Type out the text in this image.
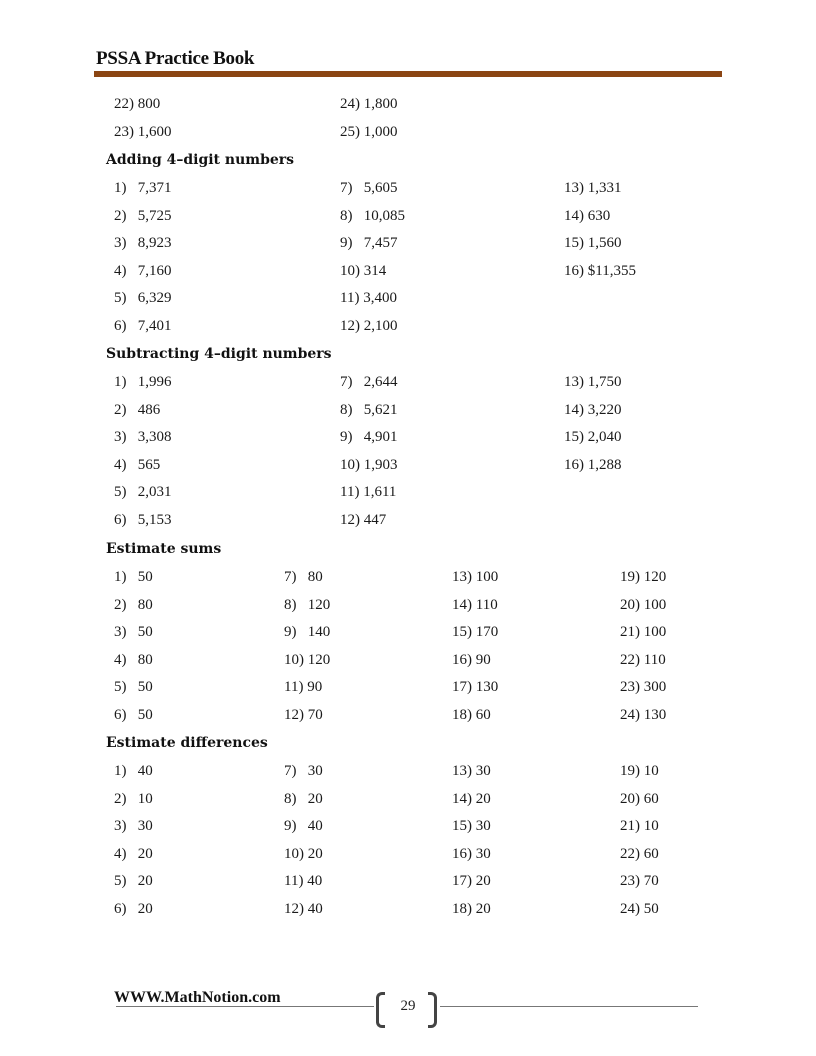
PSSA Practice Book
22) 800
23) 1,600
24) 1,800
25) 1,000
Adding 4–digit numbers
1)   7,371
2)   5,725
3)   8,923
4)   7,160
5)   6,329
6)   7,401
7)   5,605
8)   10,085
9)   7,457
10) 314
11) 3,400
12) 2,100
13) 1,331
14) 630
15) 1,560
16) $11,355
Subtracting 4–digit numbers
1)   1,996
2)   486
3)   3,308
4)   565
5)   2,031
6)   5,153
7)   2,644
8)   5,621
9)   4,901
10) 1,903
11) 1,611
12) 447
13) 1,750
14) 3,220
15) 2,040
16) 1,288
Estimate sums
1)   50
2)   80
3)   50
4)   80
5)   50
6)   50
7)   80
8)   120
9)   140
10) 120
11) 90
12) 70
13) 100
14) 110
15) 170
16) 90
17) 130
18) 60
19) 120
20) 100
21) 100
22) 110
23) 300
24) 130
Estimate differences
1)   40
2)   10
3)   30
4)   20
5)   20
6)   20
7)   30
8)   20
9)   40
10) 20
11) 40
12) 40
13) 30
14) 20
15) 30
16) 30
17) 20
18) 20
19) 10
20) 60
21) 10
22) 60
23) 70
24) 50
WWW.MathNotion.com	29
